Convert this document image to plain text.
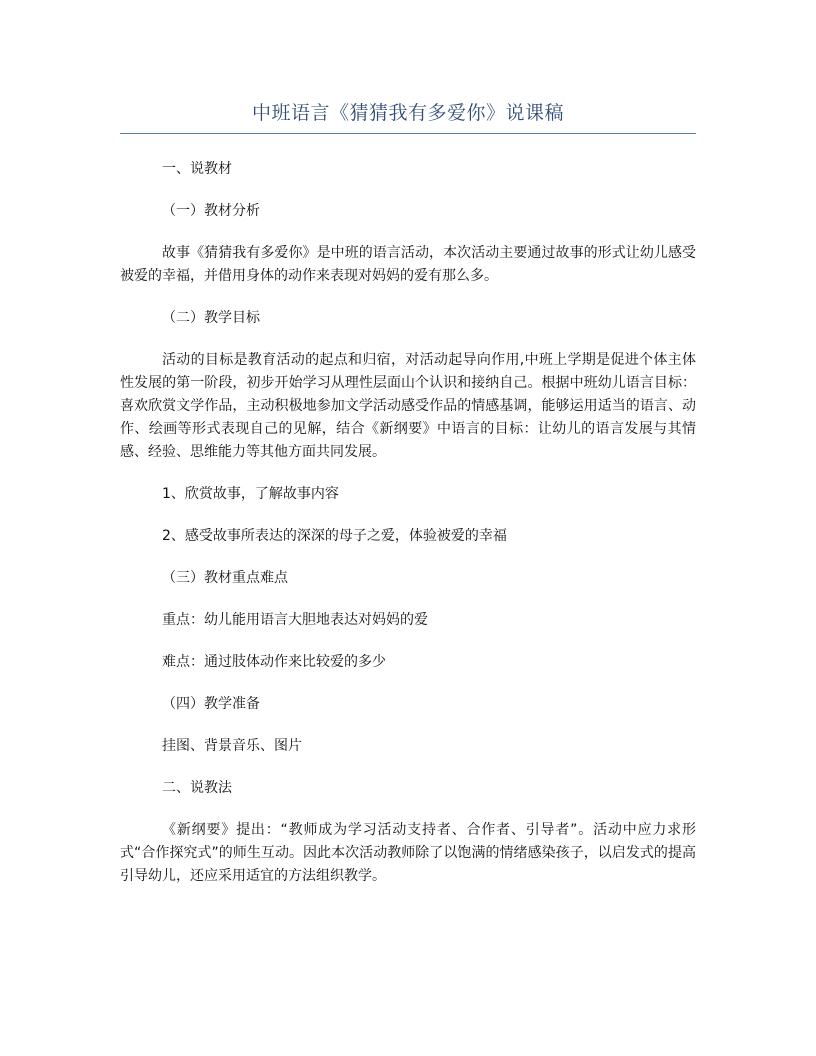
中班语言《猜猜我有多爱你》说课稿

一、说教材

（一）教材分析

故事《猜猜我有多爱你》是中班的语言活动，本次活动主要通过故事的形式让幼儿感受被爱的幸福，并借用身体的动作来表现对妈妈的爱有那么多。

（二）教学目标

活动的目标是教育活动的起点和归宿，对活动起导向作用,中班上学期是促进个体主体性发展的第一阶段，初步开始学习从理性层面山个认识和接纳自己。根据中班幼儿语言目标：喜欢欣赏文学作品，主动积极地参加文学活动感受作品的情感基调，能够运用适当的语言、动作、绘画等形式表现自己的见解，结合《新纲要》中语言的目标：让幼儿的语言发展与其情感、经验、思维能力等其他方面共同发展。

1、欣赏故事，了解故事内容

2、感受故事所表达的深深的母子之爱，体验被爱的幸福

（三）教材重点难点

重点：幼儿能用语言大胆地表达对妈妈的爱

难点：通过肢体动作来比较爱的多少

（四）教学准备

挂图、背景音乐、图片

二、说教法

《新纲要》提出：“教师成为学习活动支持者、合作者、引导者”。活动中应力求形式“合作探究式”的师生互动。因此本次活动教师除了以饱满的情绪感染孩子，以启发式的提高引导幼儿，还应采用适宜的方法组织教学。
